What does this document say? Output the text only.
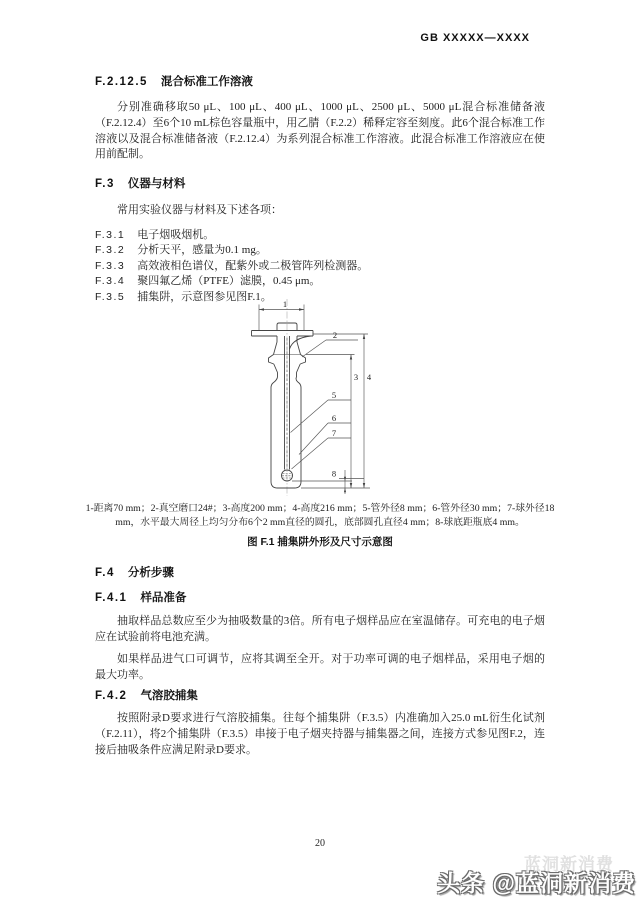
GB XXXXX—XXXX
F.2.12.5 混合标准工作溶液

分别准确移取50 μL、100 μL、400 μL、1000 μL、2500 μL、5000 μL混合标准储备液（F.2.12.4）至6个10 mL棕色容量瓶中，用乙腈（F.2.2）稀释定容至刻度。此6个混合标准工作溶液以及混合标准储备液（F.2.12.4）为系列混合标准工作溶液。此混合标准工作溶液应在使用前配制。

F.3 仪器与材料

常用实验仪器与材料及下述各项：

F.3.1 电子烟吸烟机。
F.3.2 分析天平，感量为0.1 mg。
F.3.3 高效液相色谱仪，配紫外或二极管阵列检测器。
F.3.4 聚四氟乙烯（PTFE）滤膜，0.45 μm。
F.3.5 捕集阱，示意图参见图F.1。
1
2
3 4
5
6
7
8
1-距离70 mm；2-真空磨口24#；3-高度200 mm；4-高度216 mm；5-管外径8 mm；6-管外径30 mm；7-球外径18 mm，水平最大周径上均匀分布6个2 mm直径的圆孔，底部圆孔直径4 mm；8-球底距瓶底4 mm。
图 F.1 捕集阱外形及尺寸示意图
F.4 分析步骤
F.4.1 样品准备

抽取样品总数应至少为抽吸数量的3倍。所有电子烟样品应在室温储存。可充电的电子烟应在试验前将电池充满。

如果样品进气口可调节，应将其调至全开。对于功率可调的电子烟样品，采用电子烟的最大功率。

F.4.2 气溶胶捕集

按照附录D要求进行气溶胶捕集。往每个捕集阱（F.3.5）内准确加入25.0 mL衍生化试剂（F.2.11），将2个捕集阱（F.3.5）串接于电子烟夹持器与捕集器之间，连接方式参见图F.2，连接后抽吸条件应满足附录D要求。

20
蓝洞新消费
头条 @蓝洞新消费
